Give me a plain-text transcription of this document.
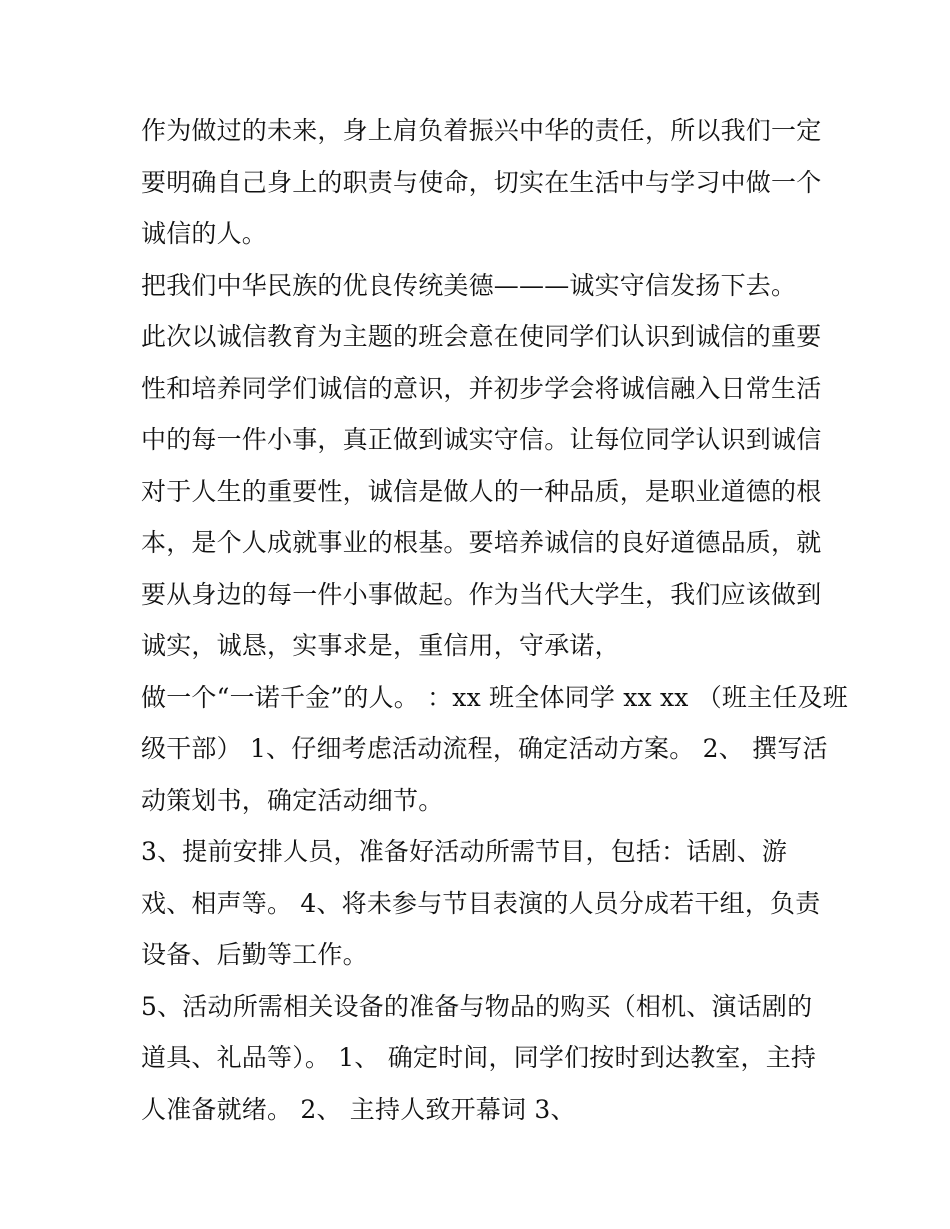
作为做过的未来，身上肩负着振兴中华的责任，所以我们一定
要明确自己身上的职责与使命，切实在生活中与学习中做一个
诚信的人。
把我们中华民族的优良传统美德———诚实守信发扬下去。
此次以诚信教育为主题的班会意在使同学们认识到诚信的重要
性和培养同学们诚信的意识，并初步学会将诚信融入日常生活
中的每一件小事，真正做到诚实守信。让每位同学认识到诚信
对于人生的重要性，诚信是做人的一种品质，是职业道德的根
本，是个人成就事业的根基。要培养诚信的良好道德品质，就
要从身边的每一件小事做起。作为当代大学生，我们应该做到
诚实，诚恳，实事求是，重信用，守承诺，
做一个“一诺千金”的人。 ：xx 班全体同学 xx xx （班主任及班
级干部） 1、仔细考虑活动流程，确定活动方案。 2、 撰写活
动策划书，确定活动细节。
3、提前安排人员，准备好活动所需节目，包括：话剧、游
戏、相声等。 4、将未参与节目表演的人员分成若干组，负责
设备、后勤等工作。
5、活动所需相关设备的准备与物品的购买（相机、演话剧的
道具、礼品等）。 1、 确定时间，同学们按时到达教室，主持
人准备就绪。 2、 主持人致开幕词 3、
